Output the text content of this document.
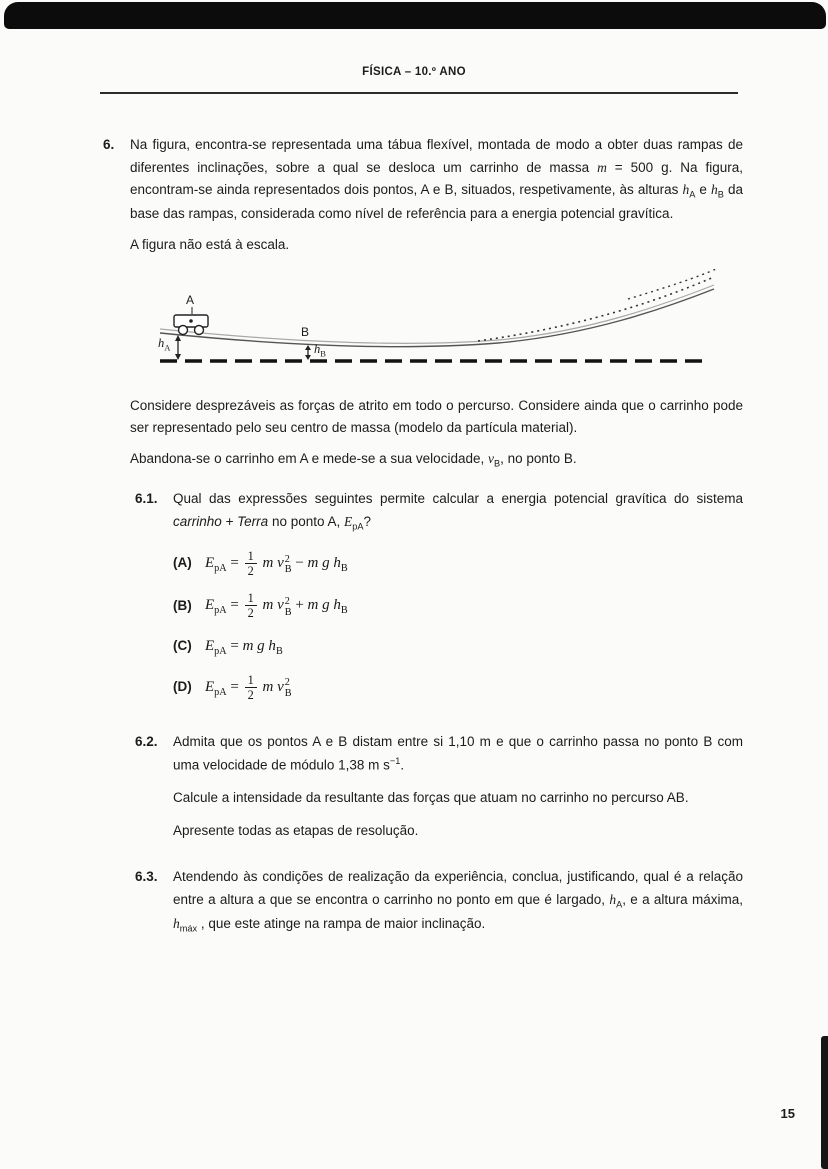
FÍSICA – 10.º ANO
6.	Na figura, encontra-se representada uma tábua flexível, montada de modo a obter duas rampas de diferentes inclinações, sobre a qual se desloca um carrinho de massa m = 500 g. Na figura, encontram-se ainda representados dois pontos, A e B, situados, respetivamente, às alturas $h_A$ e $h_B$ da base das rampas, considerada como nível de referência para a energia potencial gravítica.

A figura não está à escala.

A
B
$h_A$	$h_B$

Considere desprezáveis as forças de atrito em todo o percurso. Considere ainda que o carrinho pode ser representado pelo seu centro de massa (modelo da partícula material).

Abandona-se o carrinho em A e mede-se a sua velocidade, $v_B$, no ponto B.

6.1.	Qual das expressões seguintes permite calcular a energia potencial gravítica do sistema carrinho + Terra no ponto A, $E_{pA}$?

(A) $E_{pA} = \frac{1}{2}$ m v 2
B − m g $h_B$
(B) $E_{pA} = \frac{1}{2}$ m v 2
B + m g $h_B$
(C) $E_{pA} = m$ g $h_B$
(D) $E_{pA} = \frac{1}{2}$ m v 2
B
6.2.	Admita que os pontos A e B distam entre si 1,10 m e que o carrinho passa no ponto B com uma velocidade de módulo 1,38 m $s^{-1}$.

Calcule a intensidade da resultante das forças que atuam no carrinho no percurso AB.

Apresente todas as etapas de resolução.

6.3.	Atendendo às condições de realização da experiência, conclua, justificando, qual é a relação entre a altura a que se encontra o carrinho no ponto em que é largado, $h_A$, e a altura máxima, $h_{máx}$ , que este atinge na rampa de maior inclinação.

15
